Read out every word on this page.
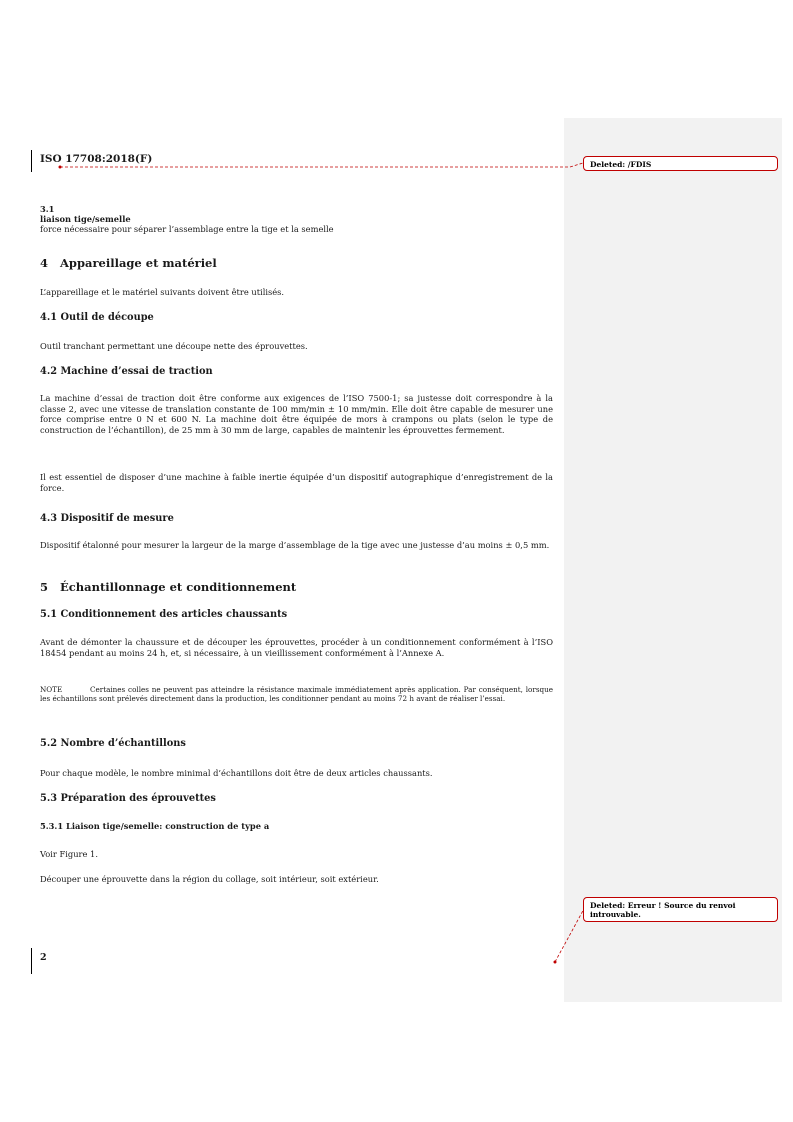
Deleted: /FDIS
Deleted: Erreur ! Source du renvoi introuvable.
ISO 17708:2018(F)
3.1
liaison tige/semelle
force nécessaire pour séparer l’assemblage entre la tige et la semelle
4 Appareillage et matériel
L’appareillage et le matériel suivants doivent être utilisés.
4.1 Outil de découpe
Outil tranchant permettant une découpe nette des éprouvettes.
4.2 Machine d’essai de traction
La machine d’essai de traction doit être conforme aux exigences de l’ISO 7500-1; sa justesse doit correspondre à la classe 2, avec une vitesse de translation constante de 100 mm/min ± 10 mm/min. Elle doit être capable de mesurer une force comprise entre 0 N et 600 N. La machine doit être équipée de mors à crampons ou plats (selon le type de construction de l’échantillon), de 25 mm à 30 mm de large, capables de maintenir les éprouvettes fermement.
Il est essentiel de disposer d’une machine à faible inertie équipée d’un dispositif autographique d’enregistrement de la force.
4.3 Dispositif de mesure
Dispositif étalonné pour mesurer la largeur de la marge d’assemblage de la tige avec une justesse d’au moins ± 0,5 mm.
5 Échantillonnage et conditionnement
5.1 Conditionnement des articles chaussants
Avant de démonter la chaussure et de découper les éprouvettes, procéder à un conditionnement conformément à l’ISO 18454 pendant au moins 24 h, et, si nécessaire, à un vieillissement conformément à l’Annexe A.
NOTE	Certaines colles ne peuvent pas atteindre la résistance maximale immédiatement après application. Par conséquent, lorsque les échantillons sont prélevés directement dans la production, les conditionner pendant au moins 72 h avant de réaliser l’essai.
5.2 Nombre d’échantillons
Pour chaque modèle, le nombre minimal d’échantillons doit être de deux articles chaussants.
5.3 Préparation des éprouvettes
5.3.1 Liaison tige/semelle: construction de type a
Voir Figure 1.
Découper une éprouvette dans la région du collage, soit intérieur, soit extérieur.
2
